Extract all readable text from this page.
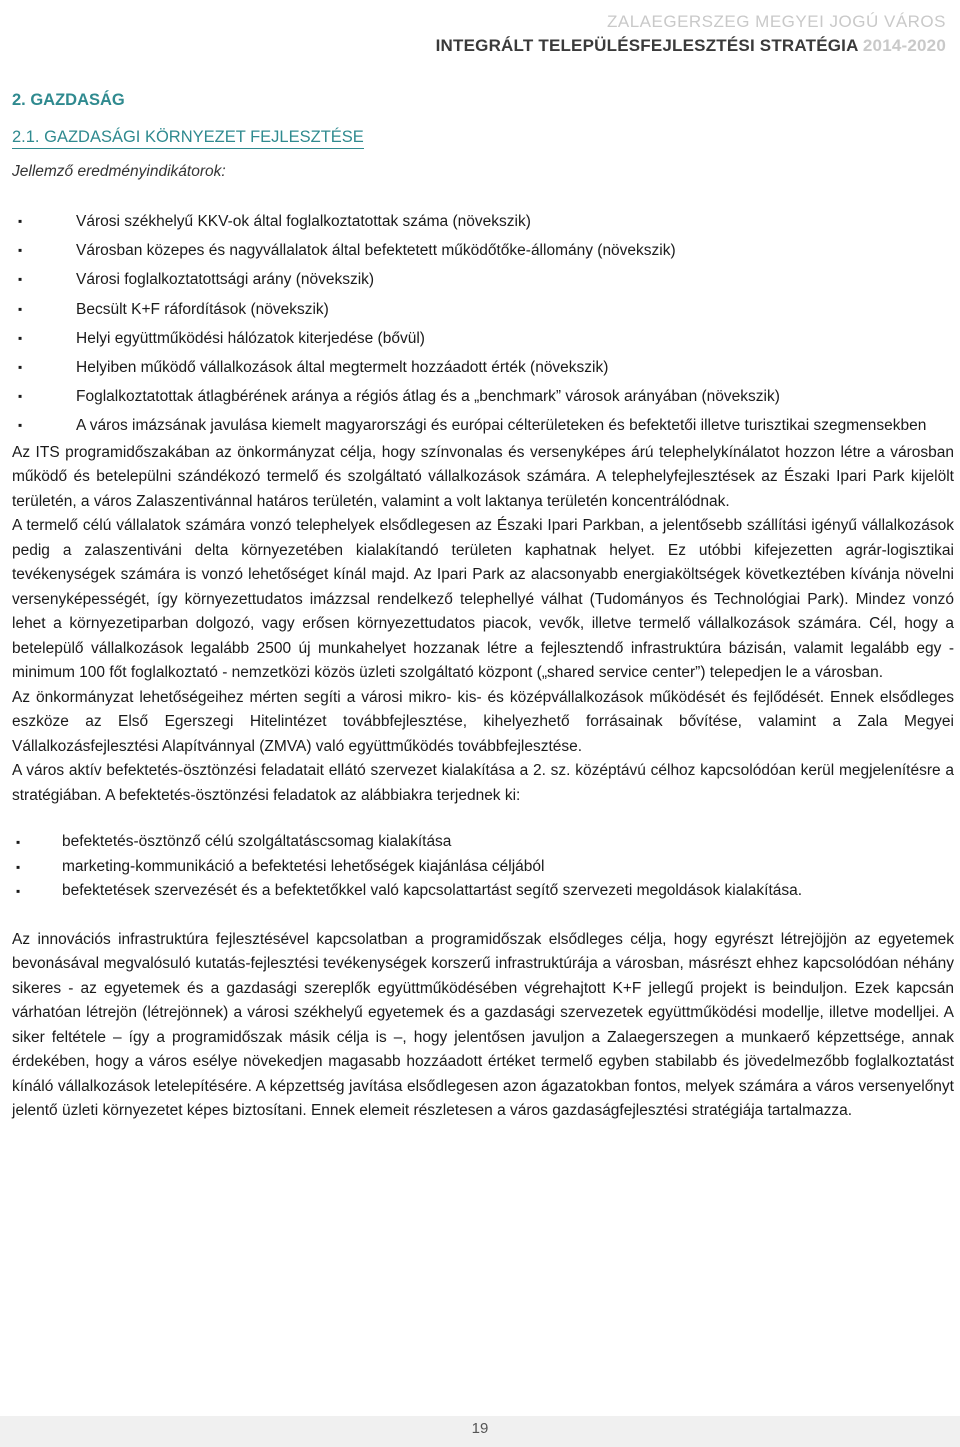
ZALAEGERSZEG MEGYEI JOGÚ VÁROS
INTEGRÁLT TELEPÜLÉSFEJLESZTÉSI STRATÉGIA 2014-2020
2. GAZDASÁG
2.1. GAZDASÁGI KÖRNYEZET FEJLESZTÉSE
Jellemző eredményindikátorok:
▪	Városi székhelyű KKV-ok által foglalkoztatottak száma (növekszik)
▪	Városban közepes és nagyvállalatok által befektetett működőtőke-állomány (növekszik)
▪	Városi foglalkoztatottsági arány (növekszik)
▪	Becsült K+F ráfordítások (növekszik)
▪	Helyi együttműködési hálózatok kiterjedése (bővül)
▪	Helyiben működő vállalkozások által megtermelt hozzáadott érték (növekszik)
▪	Foglalkoztatottak átlagbérének aránya a régiós átlag és a „benchmark” városok arányában (növekszik)
▪	A város imázsának javulása kiemelt magyarországi és európai célterületeken és befektetői illetve turisztikai szegmensekben

Az ITS programidőszakában az önkormányzat célja, hogy színvonalas és versenyképes árú telephelykínálatot hozzon létre a városban működő és betelepülni szándékozó termelő és szolgáltató vállalkozások számára. A telephelyfejlesztések az Északi Ipari Park kijelölt területén, a város Zalaszentivánnal határos területén, valamint a volt laktanya területén koncentrálódnak.

A termelő célú vállalatok számára vonzó telephelyek elsődlegesen az Északi Ipari Parkban, a jelentősebb szállítási igényű vállalkozások pedig a zalaszentiváni delta környezetében kialakítandó területen kaphatnak helyet. Ez utóbbi kifejezetten agrár-logisztikai tevékenységek számára is vonzó lehetőséget kínál majd. Az Ipari Park az alacsonyabb energiaköltségek következtében kívánja növelni versenyképességét, így környezettudatos imázzsal rendelkező telephellyé válhat (Tudományos és Technológiai Park). Mindez vonzó lehet a környezetiparban dolgozó, vagy erősen környezettudatos piacok, vevők, illetve termelő vállalkozások számára. Cél, hogy a betelepülő vállalkozások legalább 2500 új munkahelyet hozzanak létre a fejlesztendő infrastruktúra bázisán, valamit legalább egy - minimum 100 főt foglalkoztató - nemzetközi közös üzleti szolgáltató központ („shared service center”) telepedjen le a városban.

Az önkormányzat lehetőségeihez mérten segíti a városi mikro- kis- és középvállalkozások működését és fejlődését. Ennek elsődleges eszköze az Első Egerszegi Hitelintézet továbbfejlesztése, kihelyezhető forrásainak bővítése, valamint a Zala Megyei Vállalkozásfejlesztési Alapítvánnyal (ZMVA) való együttműködés továbbfejlesztése.

A város aktív befektetés-ösztönzési feladatait ellátó szervezet kialakítása a 2. sz. középtávú célhoz kapcsolódóan kerül megjelenítésre a stratégiában. A befektetés-ösztönzési feladatok az alábbiakra terjednek ki:

▪	befektetés-ösztönző célú szolgáltatáscsomag kialakítása
▪	marketing-kommunikáció a befektetési lehetőségek kiajánlása céljából
▪	befektetések szervezését és a befektetőkkel való kapcsolattartást segítő szervezeti megoldások kialakítása.

Az innovációs infrastruktúra fejlesztésével kapcsolatban a programidőszak elsődleges célja, hogy egyrészt létrejöjjön az egyetemek bevonásával megvalósuló kutatás-fejlesztési tevékenységek korszerű infrastruktúrája a városban, másrészt ehhez kapcsolódóan néhány sikeres - az egyetemek és a gazdasági szereplők együttműködésében végrehajtott K+F jellegű projekt is beinduljon. Ezek kapcsán várhatóan létrejön (létrejönnek) a városi székhelyű egyetemek és a gazdasági szervezetek együttműködési modellje, illetve modelljei. A siker feltétele – így a programidőszak másik célja is –, hogy jelentősen javuljon a Zalaegerszegen a munkaerő képzettsége, annak érdekében, hogy a város esélye növekedjen magasabb hozzáadott értéket termelő egyben stabilabb és jövedelmezőbb foglalkoztatást kínáló vállalkozások letelepítésére. A képzettség javítása elsődlegesen azon ágazatokban fontos, melyek számára a város versenyelőnyt jelentő üzleti környezetet képes biztosítani. Ennek elemeit részletesen a város gazdaságfejlesztési stratégiája tartalmazza.

19
